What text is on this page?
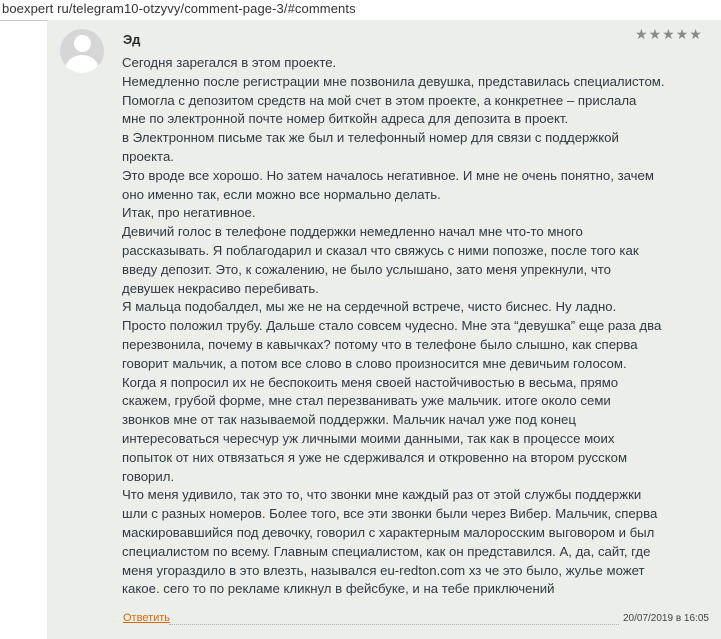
boexpert ru/telegram10-otzyvy/comment-page-3/#comments
Эд	★ ★ ★ ★ ★
Сегодня зарегался в этом проекте.
Немедленно после регистрации мне позвонила девушка, представилась специалистом.
Помогла с депозитом средств на мой счет в этом проекте, а конкретнее – прислала
мне по электронной почте номер биткойн адреса для депозита в проект.
в Электронном письме так же был и телефонный номер для связи с поддержкой
проекта.
Это вроде все хорошо. Но затем началось негативное. И мне не очень понятно, зачем
оно именно так, если можно все нормально делать.
Итак, про негативное.
Девичий голос в телефоне поддержки немедленно начал мне что-то много
рассказывать. Я поблагодарил и сказал что свяжусь с ними попозже, после того как
введу депозит. Это, к сожалению, не было услышано, зато меня упрекнули, что
девушек некрасиво перебивать.
Я мальца подобалдел, мы же не на сердечной встрече, чисто биснес. Ну ладно.
Просто положил трубу. Дальше стало совсем чудесно. Мне эта “девушка” еще раза два
перезвонила, почему в кавычках? потому что в телефоне было слышно, как сперва
говорит мальчик, а потом все слово в слово произносится мне девичьим голосом.
Когда я попросил их не беспокоить меня своей настойчивостью в весьма, прямо
скажем, грубой форме, мне стал перезванивать уже мальчик. итоге около семи
звонков мне от так называемой поддержки. Мальчик начал уже под конец
интересоваться чересчур уж личными моими данными, так как в процессе моих
попыток от них отвязаться я уже не сдерживался и откровенно на втором русском
говорил.
Что меня удивило, так это то, что звонки мне каждый раз от этой службы поддержки
шли с разных номеров. Более того, все эти звонки были через Вибер. Мальчик, сперва
маскировавшийся под девочку, говорил с характерным малоросским выговором и был
специалистом по всему. Главным специалистом, как он представился. А, да, сайт, где
меня угораздило в это влезть, назывался eu-redton.com хз че это было, жулье может
какое. сего то по рекламе кликнул в фейсбуке, и на тебе приключений
Ответить	20/07/2019 в 16:05
